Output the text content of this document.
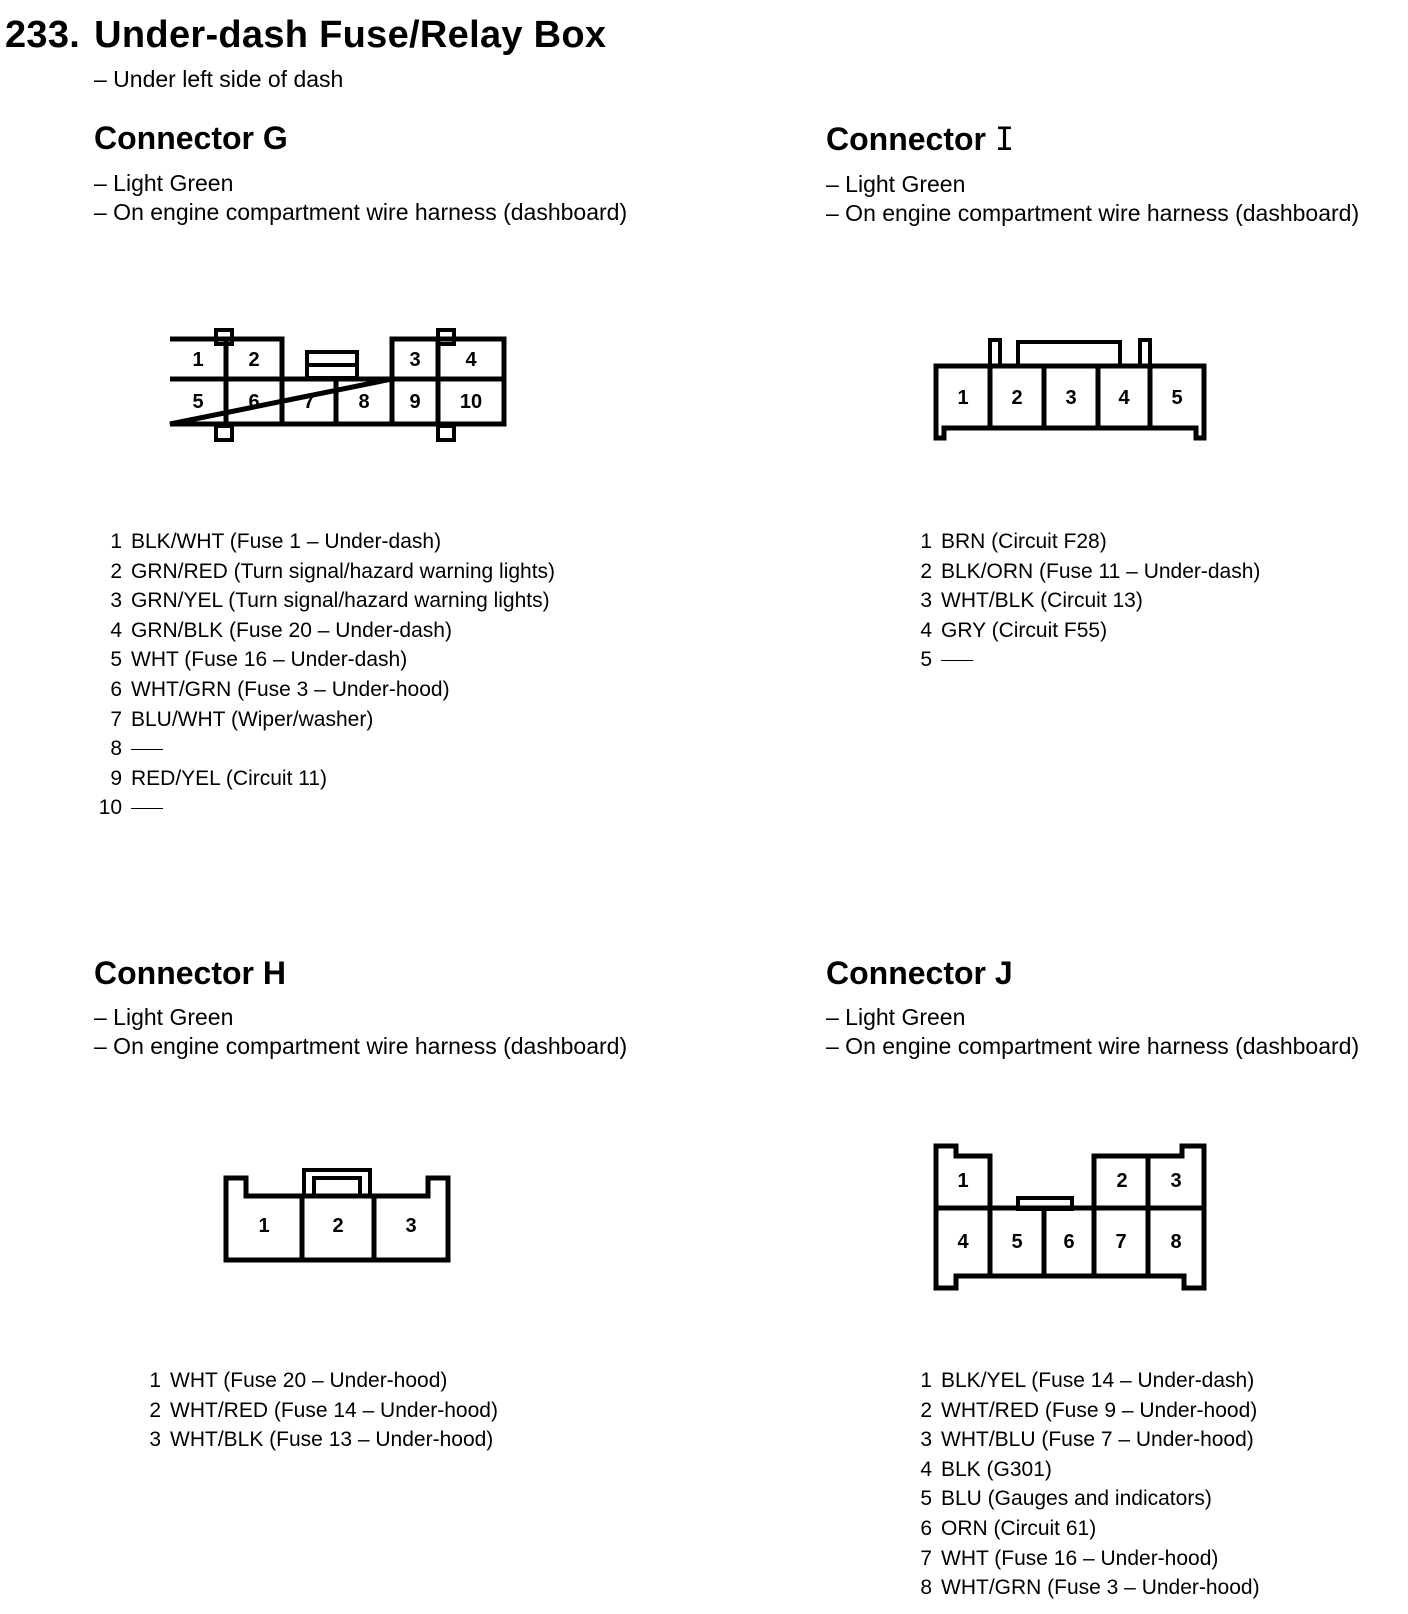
233. Under-dash Fuse/Relay Box
– Under left side of dash
Connector G
– Light Green
– On engine compartment wire harness (dashboard)
1 2	3 4
5 6 7 8 9 10
1 BLK/WHT (Fuse 1 – Under-dash)
2 GRN/RED (Turn signal/hazard warning lights)
3 GRN/YEL (Turn signal/hazard warning lights)
4 GRN/BLK (Fuse 20 – Under-dash)
5 WHT (Fuse 16 – Under-dash)
6 WHT/GRN (Fuse 3 – Under-hood)
7 BLU/WHT (Wiper/washer)
8
9 RED/YEL (Circuit 11)
10
Connector I
– Light Green
– On engine compartment wire harness (dashboard)
1 2 3 4 5
1 BRN (Circuit F28)
2 BLK/ORN (Fuse 11 – Under-dash)
3 WHT/BLK (Circuit 13)
4 GRY (Circuit F55)
5
Connector H
– Light Green
– On engine compartment wire harness (dashboard)
1	2	3
1 WHT (Fuse 20 – Under-hood)
2 WHT/RED (Fuse 14 – Under-hood)
3 WHT/BLK (Fuse 13 – Under-hood)
Connector J
– Light Green
– On engine compartment wire harness (dashboard)
1	2 3
4 5 6 7 8
1 BLK/YEL (Fuse 14 – Under-dash)
2 WHT/RED (Fuse 9 – Under-hood)
3 WHT/BLU (Fuse 7 – Under-hood)
4 BLK (G301)
5 BLU (Gauges and indicators)
6 ORN (Circuit 61)
7 WHT (Fuse 16 – Under-hood)
8 WHT/GRN (Fuse 3 – Under-hood)
